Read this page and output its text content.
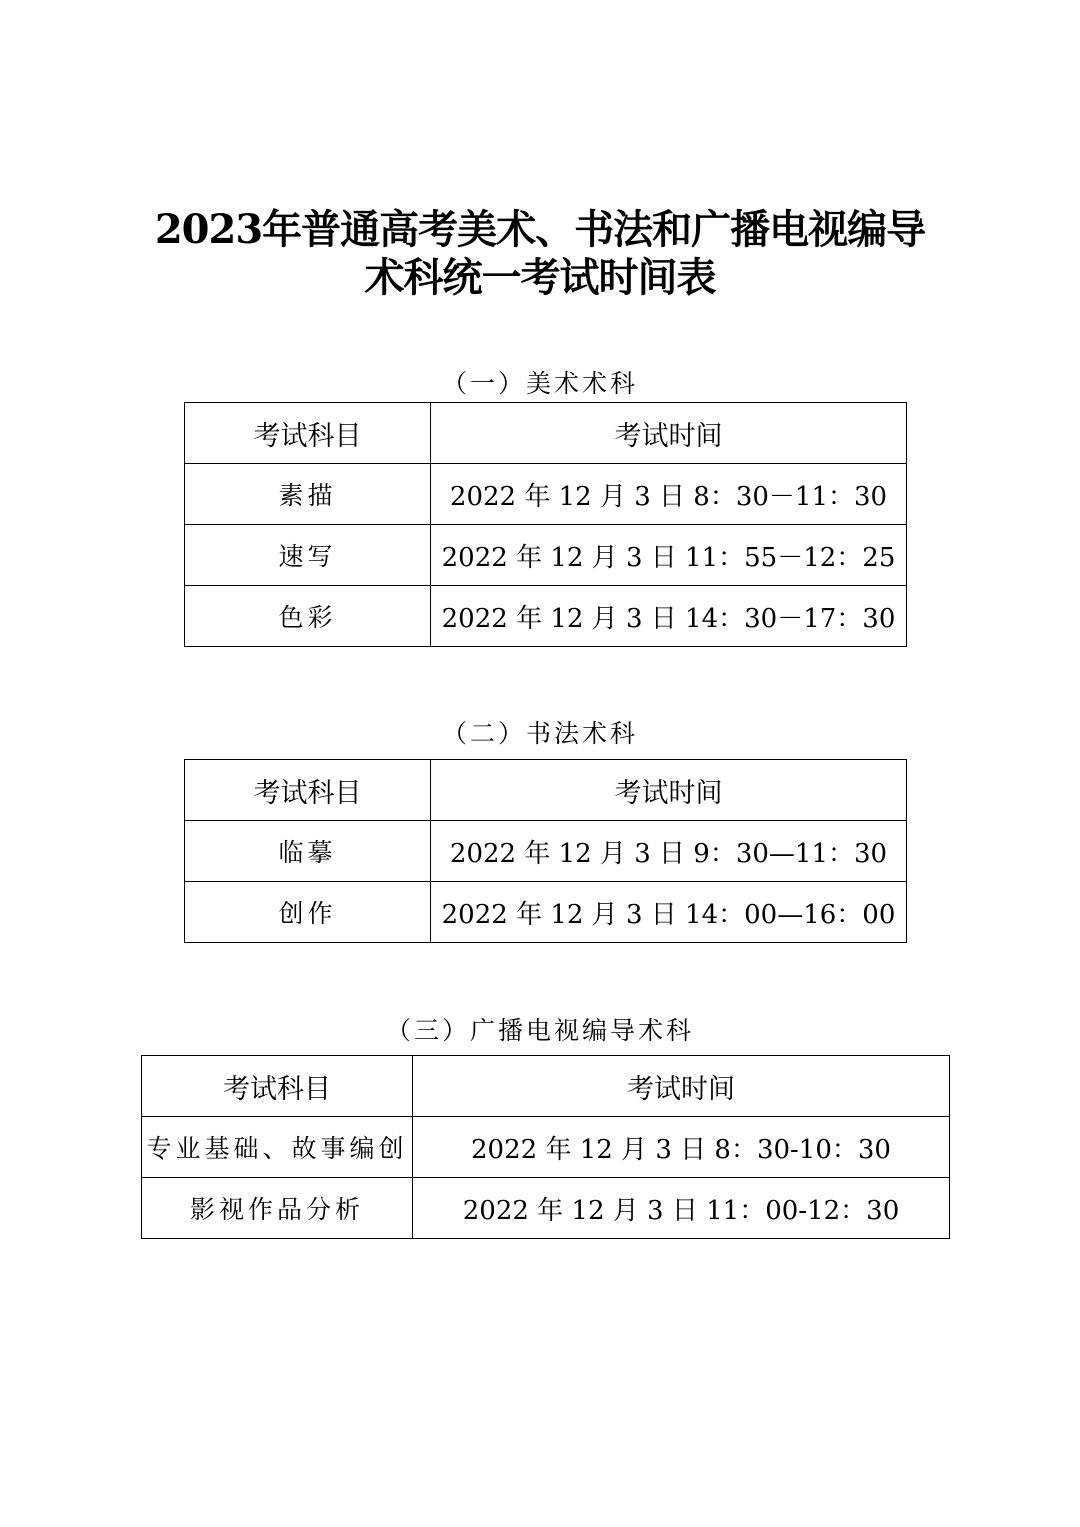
2023年普通高考美术、书法和广播电视编导
术科统一考试时间表
（一）美术术科
考试科目	考试时间
素描	2022 年 12 月 3 日 8：30－11：30
速写	2022 年 12 月 3 日 11：55－12：25
色彩	2022 年 12 月 3 日 14：30－17：30
（二）书法术科
考试科目	考试时间
临摹	2022 年 12 月 3 日 9：30—11：30
创作	2022 年 12 月 3 日 14：00—16：00
（三）广播电视编导术科
考试科目	考试时间
专业基础、故事编创	2022 年 12 月 3 日 8：30-10：30
影视作品分析	2022 年 12 月 3 日 11：00-12：30
